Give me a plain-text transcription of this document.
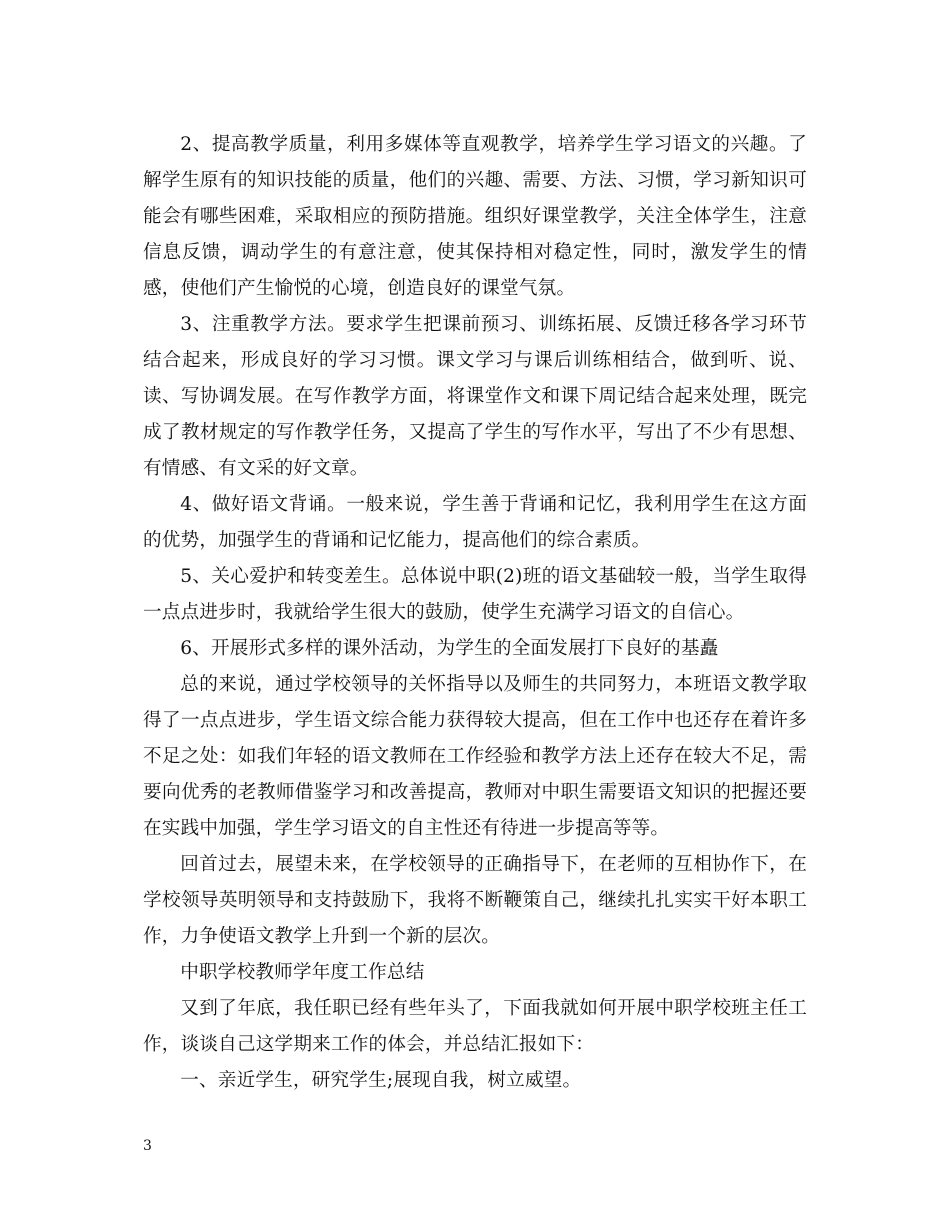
2、提高教学质量，利用多媒体等直观教学，培养学生学习语文的兴趣。了解学生原有的知识技能的质量，他们的兴趣、需要、方法、习惯，学习新知识可能会有哪些困难，采取相应的预防措施。组织好课堂教学，关注全体学生，注意信息反馈，调动学生的有意注意，使其保持相对稳定性，同时，激发学生的情感，使他们产生愉悦的心境，创造良好的课堂气氛。

3、注重教学方法。要求学生把课前预习、训练拓展、反馈迁移各学习环节结合起来，形成良好的学习习惯。课文学习与课后训练相结合，做到听、说、读、写协调发展。在写作教学方面，将课堂作文和课下周记结合起来处理，既完成了教材规定的写作教学任务，又提高了学生的写作水平，写出了不少有思想、有情感、有文采的好文章。

4、做好语文背诵。一般来说，学生善于背诵和记忆，我利用学生在这方面的优势，加强学生的背诵和记忆能力，提高他们的综合素质。

5、关心爱护和转变差生。总体说中职(2)班的语文基础较一般，当学生取得一点点进步时，我就给学生很大的鼓励，使学生充满学习语文的自信心。

6、开展形式多样的课外活动，为学生的全面发展打下良好的基矗

总的来说，通过学校领导的关怀指导以及师生的共同努力，本班语文教学取得了一点点进步，学生语文综合能力获得较大提高，但在工作中也还存在着许多不足之处：如我们年轻的语文教师在工作经验和教学方法上还存在较大不足，需要向优秀的老教师借鉴学习和改善提高，教师对中职生需要语文知识的把握还要在实践中加强，学生学习语文的自主性还有待进一步提高等等。

回首过去，展望未来，在学校领导的正确指导下，在老师的互相协作下，在学校领导英明领导和支持鼓励下，我将不断鞭策自己，继续扎扎实实干好本职工作，力争使语文教学上升到一个新的层次。

中职学校教师学年度工作总结

又到了年底，我任职已经有些年头了，下面我就如何开展中职学校班主任工作，谈谈自己这学期来工作的体会，并总结汇报如下：

一、亲近学生，研究学生;展现自我，树立威望。

3
